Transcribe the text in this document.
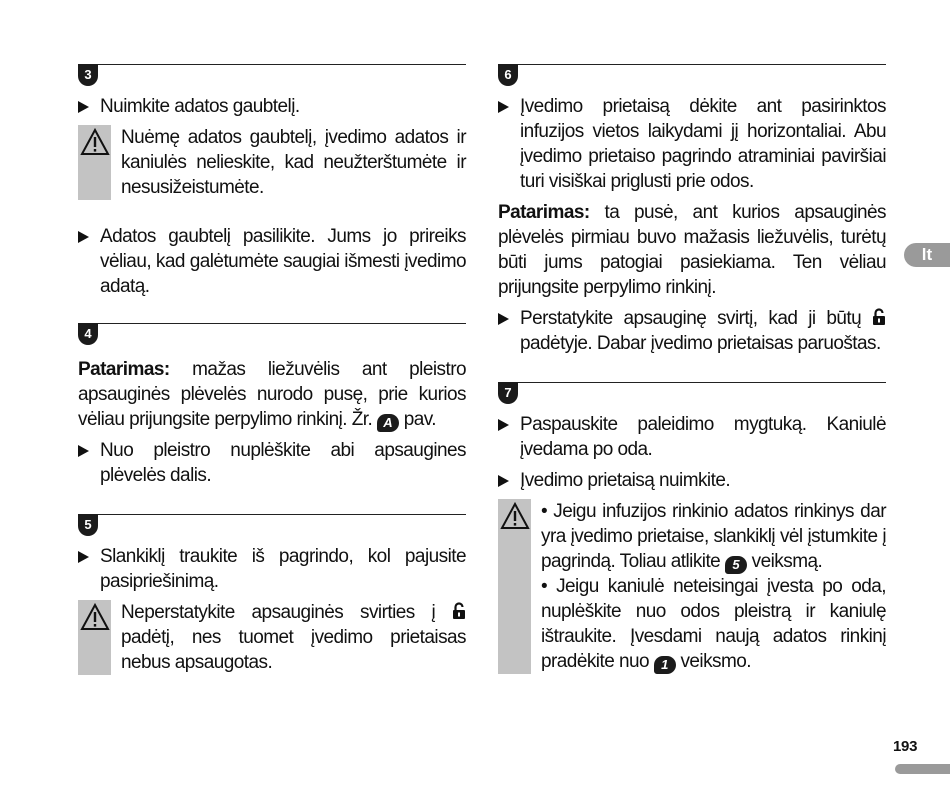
3
Nuimkite adatos gaubtelį.

Nuėmę adatos gaubtelį, įvedimo adatos ir kaniulės nelieskite, kad neužterštumėte ir nesusižeistumėte.

Adatos gaubtelį pasilikite. Jums jo prireiks vėliau, kad galėtumėte saugiai išmesti įvedimo adatą.
4

Patarimas: mažas liežuvėlis ant pleistro apsauginės plėvelės nurodo pusę, prie kurios vėliau prijungsite perpylimo rinkinį. Žr. A pav.

Nuo pleistro nuplėškite abi apsaugines plėvelės dalis.
5
Slankiklį traukite iš pagrindo, kol pajusite pasipriešinimą.

Neperstatykite apsauginės svirties į  padėtį, nes tuomet įvedimo prietaisas nebus apsaugotas.

6
Įvedimo prietaisą dėkite ant pasirinktos infuzijos vietos laikydami jį horizontaliai. Abu įvedimo prietaiso pagrindo atraminiai paviršiai turi visiškai priglusti prie odos.

Patarimas: ta pusė, ant kurios apsauginės plėvelės pirmiau buvo mažasis liežuvėlis, turėtų būti jums patogiai pasiekiama. Ten vėliau prijungsite perpylimo rinkinį.

Perstatykite apsauginę svirtį, kad ji būtų  padėtyje. Dabar įvedimo prietaisas paruoštas.
7
Paspauskite paleidimo mygtuką. Kaniulė įvedama po oda.
Įvedimo prietaisą nuimkite.

• Jeigu infuzijos rinkinio adatos rinkinys dar yra įvedimo prietaise, slankiklį vėl įstumkite į pagrindą. Toliau atlikite 5 veiksmą.

• Jeigu kaniulė neteisingai įvesta po oda, nuplėškite nuo odos pleistrą ir kaniulę ištraukite. Įvesdami naują adatos rinkinį pradėkite nuo 1 veiksmo.

lt
193
